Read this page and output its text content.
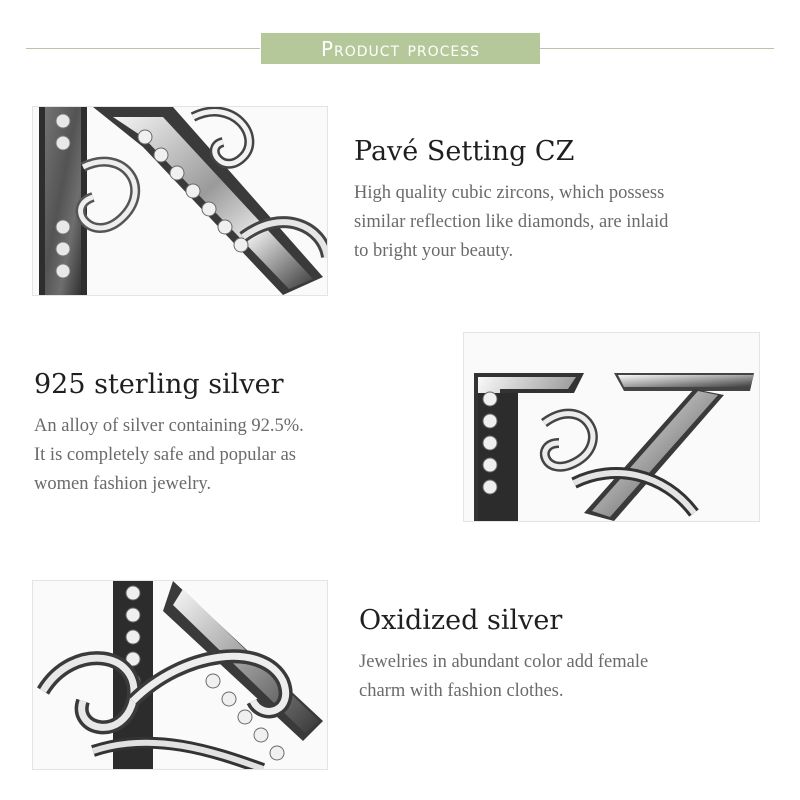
Product process
Pavé Setting CZ

High quality cubic zircons, which possess
similar reflection like diamonds, are inlaid
to bright your beauty.

925 sterling silver

An alloy of silver containing 92.5%.
It is completely safe and popular as
women fashion jewelry.

Oxidized silver

Jewelries in abundant color add female
charm with fashion clothes.
